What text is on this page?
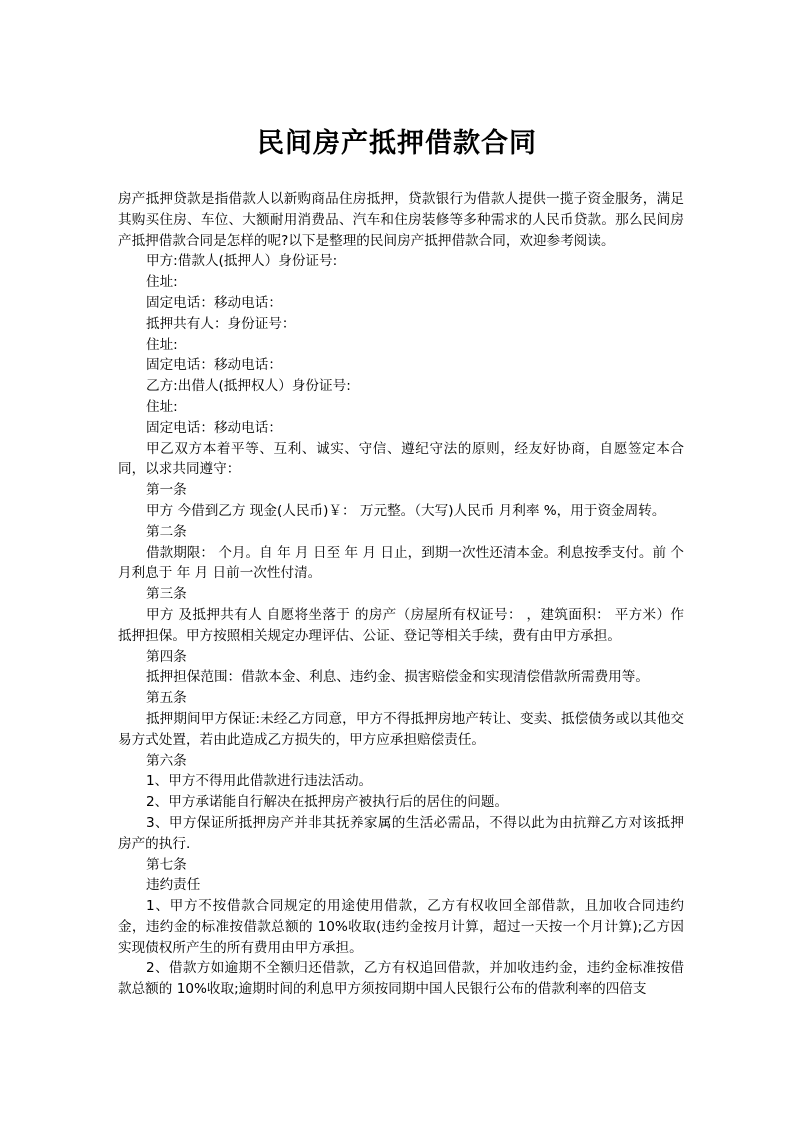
民间房产抵押借款合同

房产抵押贷款是指借款人以新购商品住房抵押，贷款银行为借款人提供一揽子资金服务，满足其购买住房、车位、大额耐用消费品、汽车和住房装修等多种需求的人民币贷款。那么民间房产抵押借款合同是怎样的呢?以下是整理的民间房产抵押借款合同，欢迎参考阅读。

甲方:借款人(抵押人）身份证号:

住址:

固定电话：移动电话：

抵押共有人：身份证号：

住址:

固定电话：移动电话：

乙方:出借人(抵押权人）身份证号:

住址:

固定电话：移动电话：

甲乙双方本着平等、互利、诚实、守信、遵纪守法的原则，经友好协商，自愿签定本合同，以求共同遵守：

第一条

甲方 今借到乙方 现金(人民币)￥： 万元整。（大写)人民币 月利率 %，用于资金周转。

第二条

借款期限： 个月。自 年 月 日至 年 月 日止，到期一次性还清本金。利息按季支付。前 个月利息于 年 月 日前一次性付清。

第三条

甲方 及抵押共有人 自愿将坐落于 的房产（房屋所有权证号： ，建筑面积： 平方米）作抵押担保。甲方按照相关规定办理评估、公证、登记等相关手续，费有由甲方承担。

第四条

抵押担保范围：借款本金、利息、违约金、损害赔偿金和实现清偿借款所需费用等。

第五条

抵押期间甲方保证:未经乙方同意，甲方不得抵押房地产转让、变卖、抵偿债务或以其他交易方式处置，若由此造成乙方损失的，甲方应承担赔偿责任。

第六条

1、甲方不得用此借款进行违法活动。

2、甲方承诺能自行解决在抵押房产被执行后的居住的问题。

3、甲方保证所抵押房产并非其抚养家属的生活必需品，不得以此为由抗辩乙方对该抵押房产的执行.

第七条

违约责任

1、甲方不按借款合同规定的用途使用借款，乙方有权收回全部借款，且加收合同违约金，违约金的标准按借款总额的 10%收取(违约金按月计算，超过一天按一个月计算);乙方因实现债权所产生的所有费用由甲方承担。

2、借款方如逾期不全额归还借款，乙方有权追回借款，并加收违约金，违约金标准按借款总额的 10%收取;逾期时间的利息甲方须按同期中国人民银行公布的借款利率的四倍支
